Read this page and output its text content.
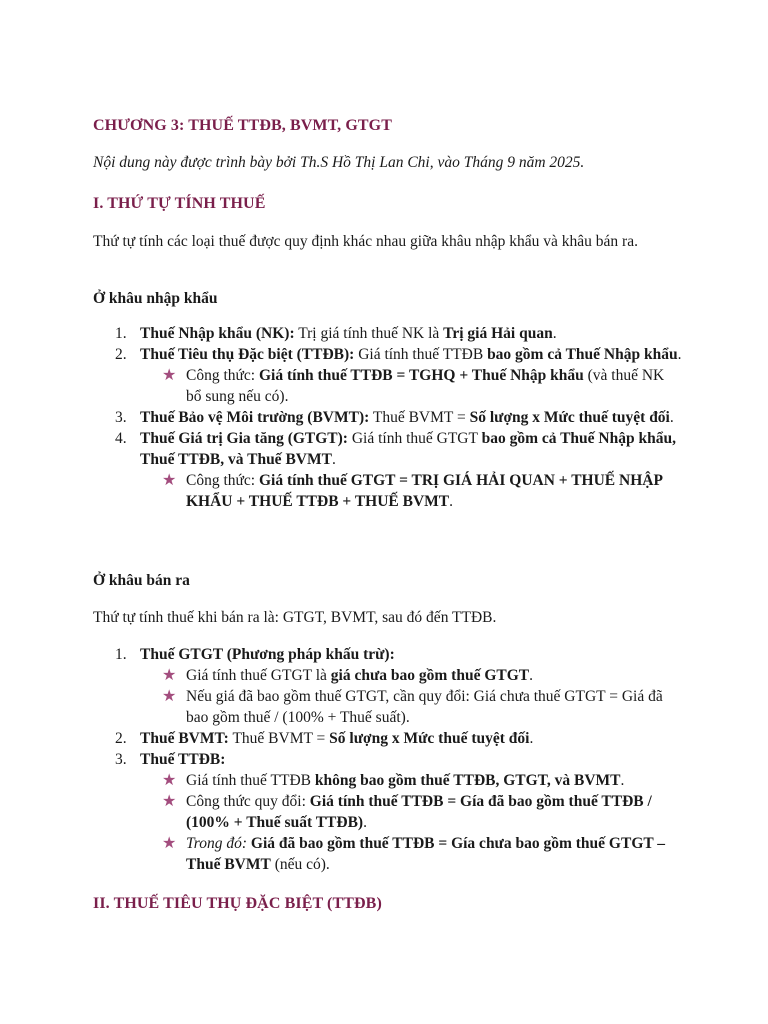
CHƯƠNG 3: THUẾ TTĐB, BVMT, GTGT
Nội dung này được trình bày bởi Th.S Hồ Thị Lan Chi, vào Tháng 9 năm 2025.
I. THỨ TỰ TÍNH THUẾ
Thứ tự tính các loại thuế được quy định khác nhau giữa khâu nhập khẩu và khâu bán ra.
Ở khâu nhập khẩu
1. Thuế Nhập khẩu (NK): Trị giá tính thuế NK là Trị giá Hải quan.
2. Thuế Tiêu thụ Đặc biệt (TTĐB): Giá tính thuế TTĐB bao gồm cả Thuế Nhập khẩu.
★ Công thức: Giá tính thuế TTĐB = TGHQ + Thuế Nhập khẩu (và thuế NK bổ sung nếu có).
3. Thuế Bảo vệ Môi trường (BVMT): Thuế BVMT = Số lượng x Mức thuế tuyệt đối.
4. Thuế Giá trị Gia tăng (GTGT): Giá tính thuế GTGT bao gồm cả Thuế Nhập khẩu, Thuế TTĐB, và Thuế BVMT.
★ Công thức: Giá tính thuế GTGT = TRỊ GIÁ HẢI QUAN + THUẾ NHẬP KHẨU + THUẾ TTĐB + THUẾ BVMT.
Ở khâu bán ra
Thứ tự tính thuế khi bán ra là: GTGT, BVMT, sau đó đến TTĐB.
1. Thuế GTGT (Phương pháp khấu trừ):
★ Giá tính thuế GTGT là giá chưa bao gồm thuế GTGT.
★ Nếu giá đã bao gồm thuế GTGT, cần quy đổi: Giá chưa thuế GTGT = Giá đã bao gồm thuế / (100% + Thuế suất).
2. Thuế BVMT: Thuế BVMT = Số lượng x Mức thuế tuyệt đối.
3. Thuế TTĐB:
★ Giá tính thuế TTĐB không bao gồm thuế TTĐB, GTGT, và BVMT.
★ Công thức quy đổi: Giá tính thuế TTĐB = Gía đã bao gồm thuế TTĐB / (100% + Thuế suất TTĐB).
★ Trong đó: Giá đã bao gồm thuế TTĐB = Gía chưa bao gồm thuế GTGT – Thuế BVMT (nếu có).
II. THUẾ TIÊU THỤ ĐẶC BIỆT (TTĐB)
